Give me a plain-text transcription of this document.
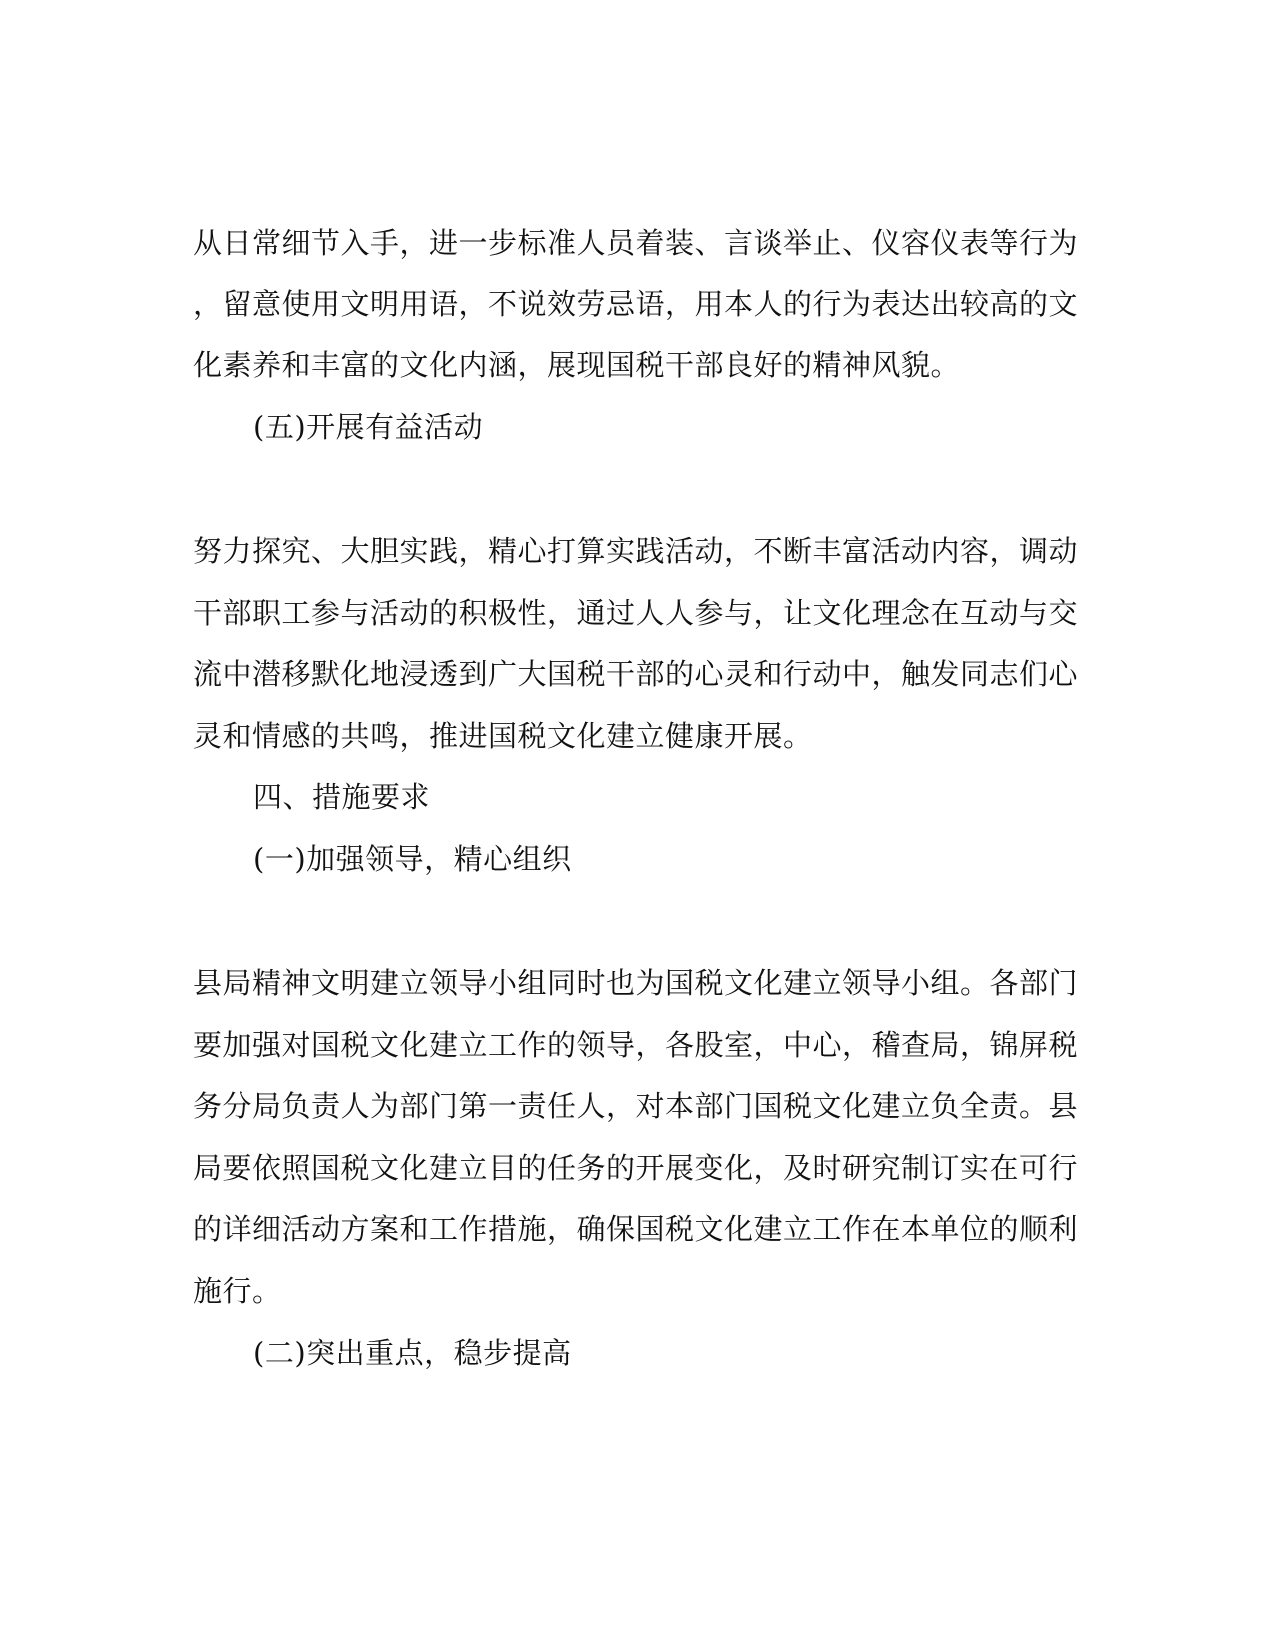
从日常细节入手，进一步标准人员着装、言谈举止、仪容仪表等行为
，留意使用文明用语，不说效劳忌语，用本人的行为表达出较高的文
化素养和丰富的文化内涵，展现国税干部良好的精神风貌。
(五)开展有益活动
努力探究、大胆实践，精心打算实践活动，不断丰富活动内容，调动
干部职工参与活动的积极性，通过人人参与，让文化理念在互动与交
流中潜移默化地浸透到广大国税干部的心灵和行动中，触发同志们心
灵和情感的共鸣，推进国税文化建立健康开展。
四、措施要求
(一)加强领导，精心组织
县局精神文明建立领导小组同时也为国税文化建立领导小组。各部门
要加强对国税文化建立工作的领导，各股室，中心，稽查局，锦屏税
务分局负责人为部门第一责任人，对本部门国税文化建立负全责。县
局要依照国税文化建立目的任务的开展变化，及时研究制订实在可行
的详细活动方案和工作措施，确保国税文化建立工作在本单位的顺利
施行。
(二)突出重点，稳步提高
